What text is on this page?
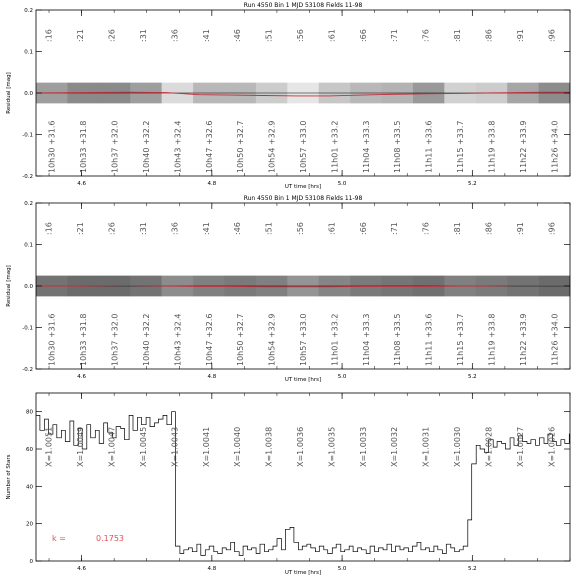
Run 4550 Bin 1 MJD 53108 Fields 11-98
:16
10h30 +31.6
:21
10h33 +31.8
:26
10h37 +32.0
:31
10h40 +32.2
:36
10h43 +32.4
:41
10h47 +32.6
:46
10h50 +32.7
:51
10h54 +32.9
:56
10h57 +33.0
:61
11h01 +33.2
:66
11h04 +33.3
:71
11h08 +33.5
:76
11h11 +33.6
:81
11h15 +33.7
:86
11h19 +33.8
:91
11h22 +33.9
:96
11h26 +34.0
0.2
0.1
0.0
-0.1
-0.2
Residual [mag]
4.6	4.8	5.0	5.2
UT time [hrs]
Run 4550 Bin 1 MJD 53108 Fields 11-98
:16
10h30 +31.6
:21
10h33 +31.8
:26
10h37 +32.0
:31
10h40 +32.2
:36
10h43 +32.4
:41
10h47 +32.6
:46
10h50 +32.7
:51
10h54 +32.9
:56
10h57 +33.0
:61
11h01 +33.2
:66
11h04 +33.3
:71
11h08 +33.5
:76
11h11 +33.6
:81
11h15 +33.7
:86
11h19 +33.8
:91
11h22 +33.9
:96
11h26 +34.0
0.2
0.1
0.0
-0.1
-0.2
Residual [mag]
4.6	4.8	5.0	5.2
UT time [hrs]
X=1.0051	X=1.0049	X=1.0047	X=1.0045	X=1.0043	X=1.0041	X=1.0040	X=1.0038	X=1.0036	X=1.0035	X=1.0033	X=1.0032	X=1.0031	X=1.0030	X=1.0028	X=1.0027	X=1.0026
k =	0.1753
80
60
40
20
0
Number of Stars
4.6	4.8	5.0	5.2
UT time [hrs]
